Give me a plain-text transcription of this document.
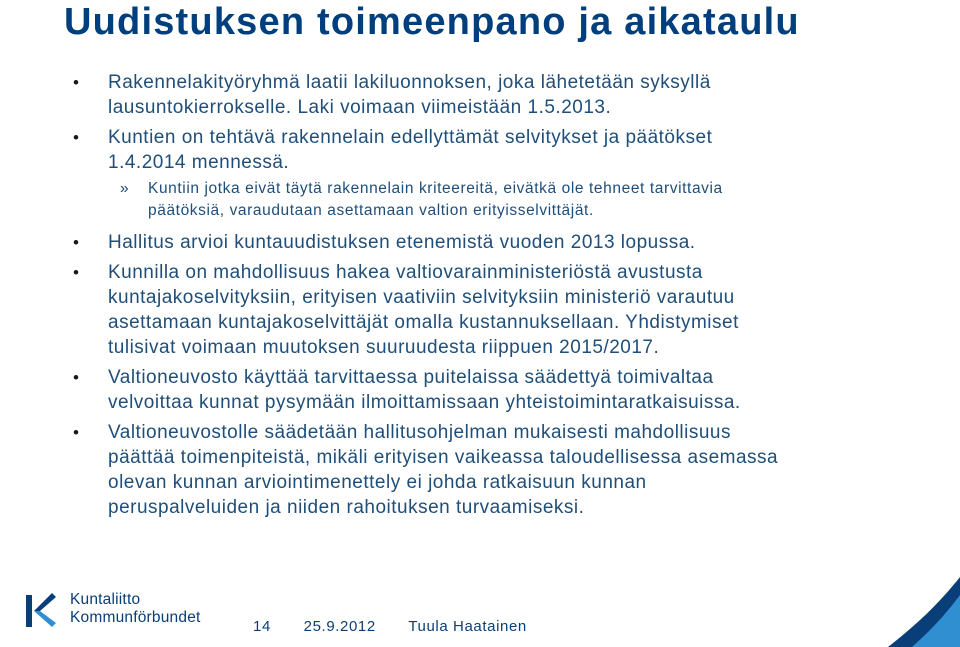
Uudistuksen toimeenpano ja aikataulu
• Rakennelakityöryhmä laatii lakiluonnoksen, joka lähetetään syksyllä
lausuntokierrokselle. Laki voimaan viimeistään 1.5.2013.
• Kuntien on tehtävä rakennelain edellyttämät selvitykset ja päätökset
1.4.2014 mennessä.
» Kuntiin jotka eivät täytä rakennelain kriteereitä, eivätkä ole tehneet tarvittavia
päätöksiä, varaudutaan asettamaan valtion erityisselvittäjät.
• Hallitus arvioi kuntauudistuksen etenemistä vuoden 2013 lopussa.
• Kunnilla on mahdollisuus hakea valtiovarainministeriöstä avustusta
kuntajakoselvityksiin, erityisen vaativiin selvityksiin ministeriö varautuu
asettamaan kuntajakoselvittäjät omalla kustannuksellaan. Yhdistymiset
tulisivat voimaan muutoksen suuruudesta riippuen 2015/2017.
• Valtioneuvosto käyttää tarvittaessa puitelaissa säädettyä toimivaltaa
velvoittaa kunnat pysymään ilmoittamissaan yhteistoimintaratkaisuissa.
• Valtioneuvostolle säädetään hallitusohjelman mukaisesti mahdollisuus
päättää toimenpiteistä, mikäli erityisen vaikeassa taloudellisessa asemassa
olevan kunnan arviointimenettely ei johda ratkaisuun kunnan
peruspalveluiden ja niiden rahoituksen turvaamiseksi.
Kuntaliitto
Kommunförbundet
14 25.9.2012 Tuula Haatainen
